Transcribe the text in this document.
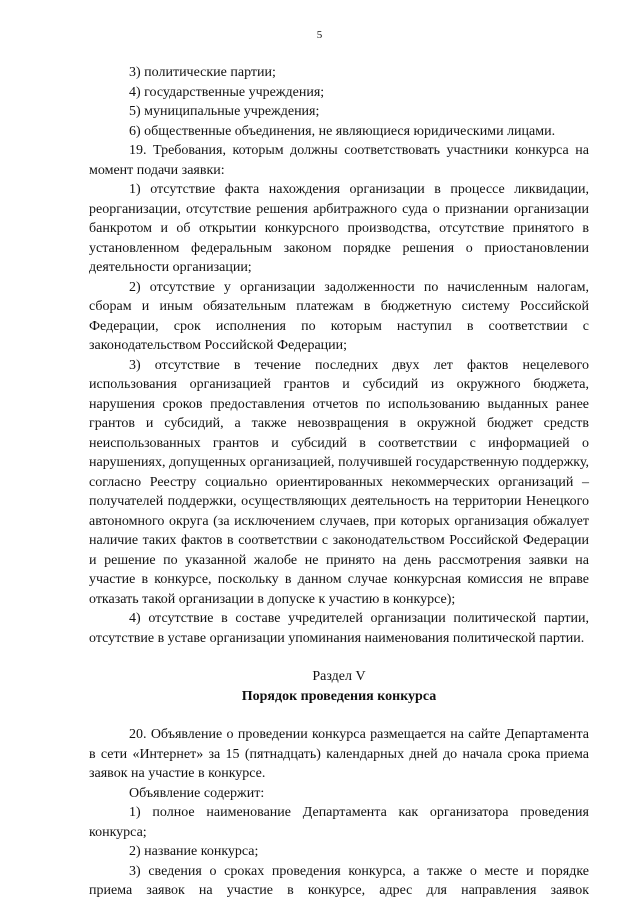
5

3) политические партии;

4) государственные учреждения;

5) муниципальные учреждения;

6) общественные объединения, не являющиеся юридическими лицами.

19. Требования, которым должны соответствовать участники конкурса на момент подачи заявки:

1) отсутствие факта нахождения организации в процессе ликвидации, реорганизации, отсутствие решения арбитражного суда о признании организации банкротом и об открытии конкурсного производства, отсутствие принятого в установленном федеральным законом порядке решения о приостановлении деятельности организации;

2) отсутствие у организации задолженности по начисленным налогам, сборам и иным обязательным платежам в бюджетную систему Российской Федерации, срок исполнения по которым наступил в соответствии с законодательством Российской Федерации;

3) отсутствие в течение последних двух лет фактов нецелевого использования организацией грантов и субсидий из окружного бюджета, нарушения сроков предоставления отчетов по использованию выданных ранее грантов и субсидий, а также невозвращения в окружной бюджет средств неиспользованных грантов и субсидий в соответствии с информацией о нарушениях, допущенных организацией, получившей государственную поддержку, согласно Реестру социально ориентированных некоммерческих организаций – получателей поддержки, осуществляющих деятельность на территории Ненецкого автономного округа (за исключением случаев, при которых организация обжалует наличие таких фактов в соответствии с законодательством Российской Федерации и решение по указанной жалобе не принято на день рассмотрения заявки на участие в конкурсе, поскольку в данном случае конкурсная комиссия не вправе отказать такой организации в допуске к участию в конкурсе);

4) отсутствие в составе учредителей организации политической партии, отсутствие в уставе организации упоминания наименования политической партии.

Раздел V

Порядок проведения конкурса

20. Объявление о проведении конкурса размещается на сайте Департамента в сети «Интернет» за 15 (пятнадцать) календарных дней до начала срока приема заявок на участие в конкурсе.

Объявление содержит:

1) полное наименование Департамента как организатора проведения конкурса;

2) название конкурса;

3) сведения о сроках проведения конкурса, а также о месте и порядке приема заявок на участие в конкурсе, адрес для направления заявок
